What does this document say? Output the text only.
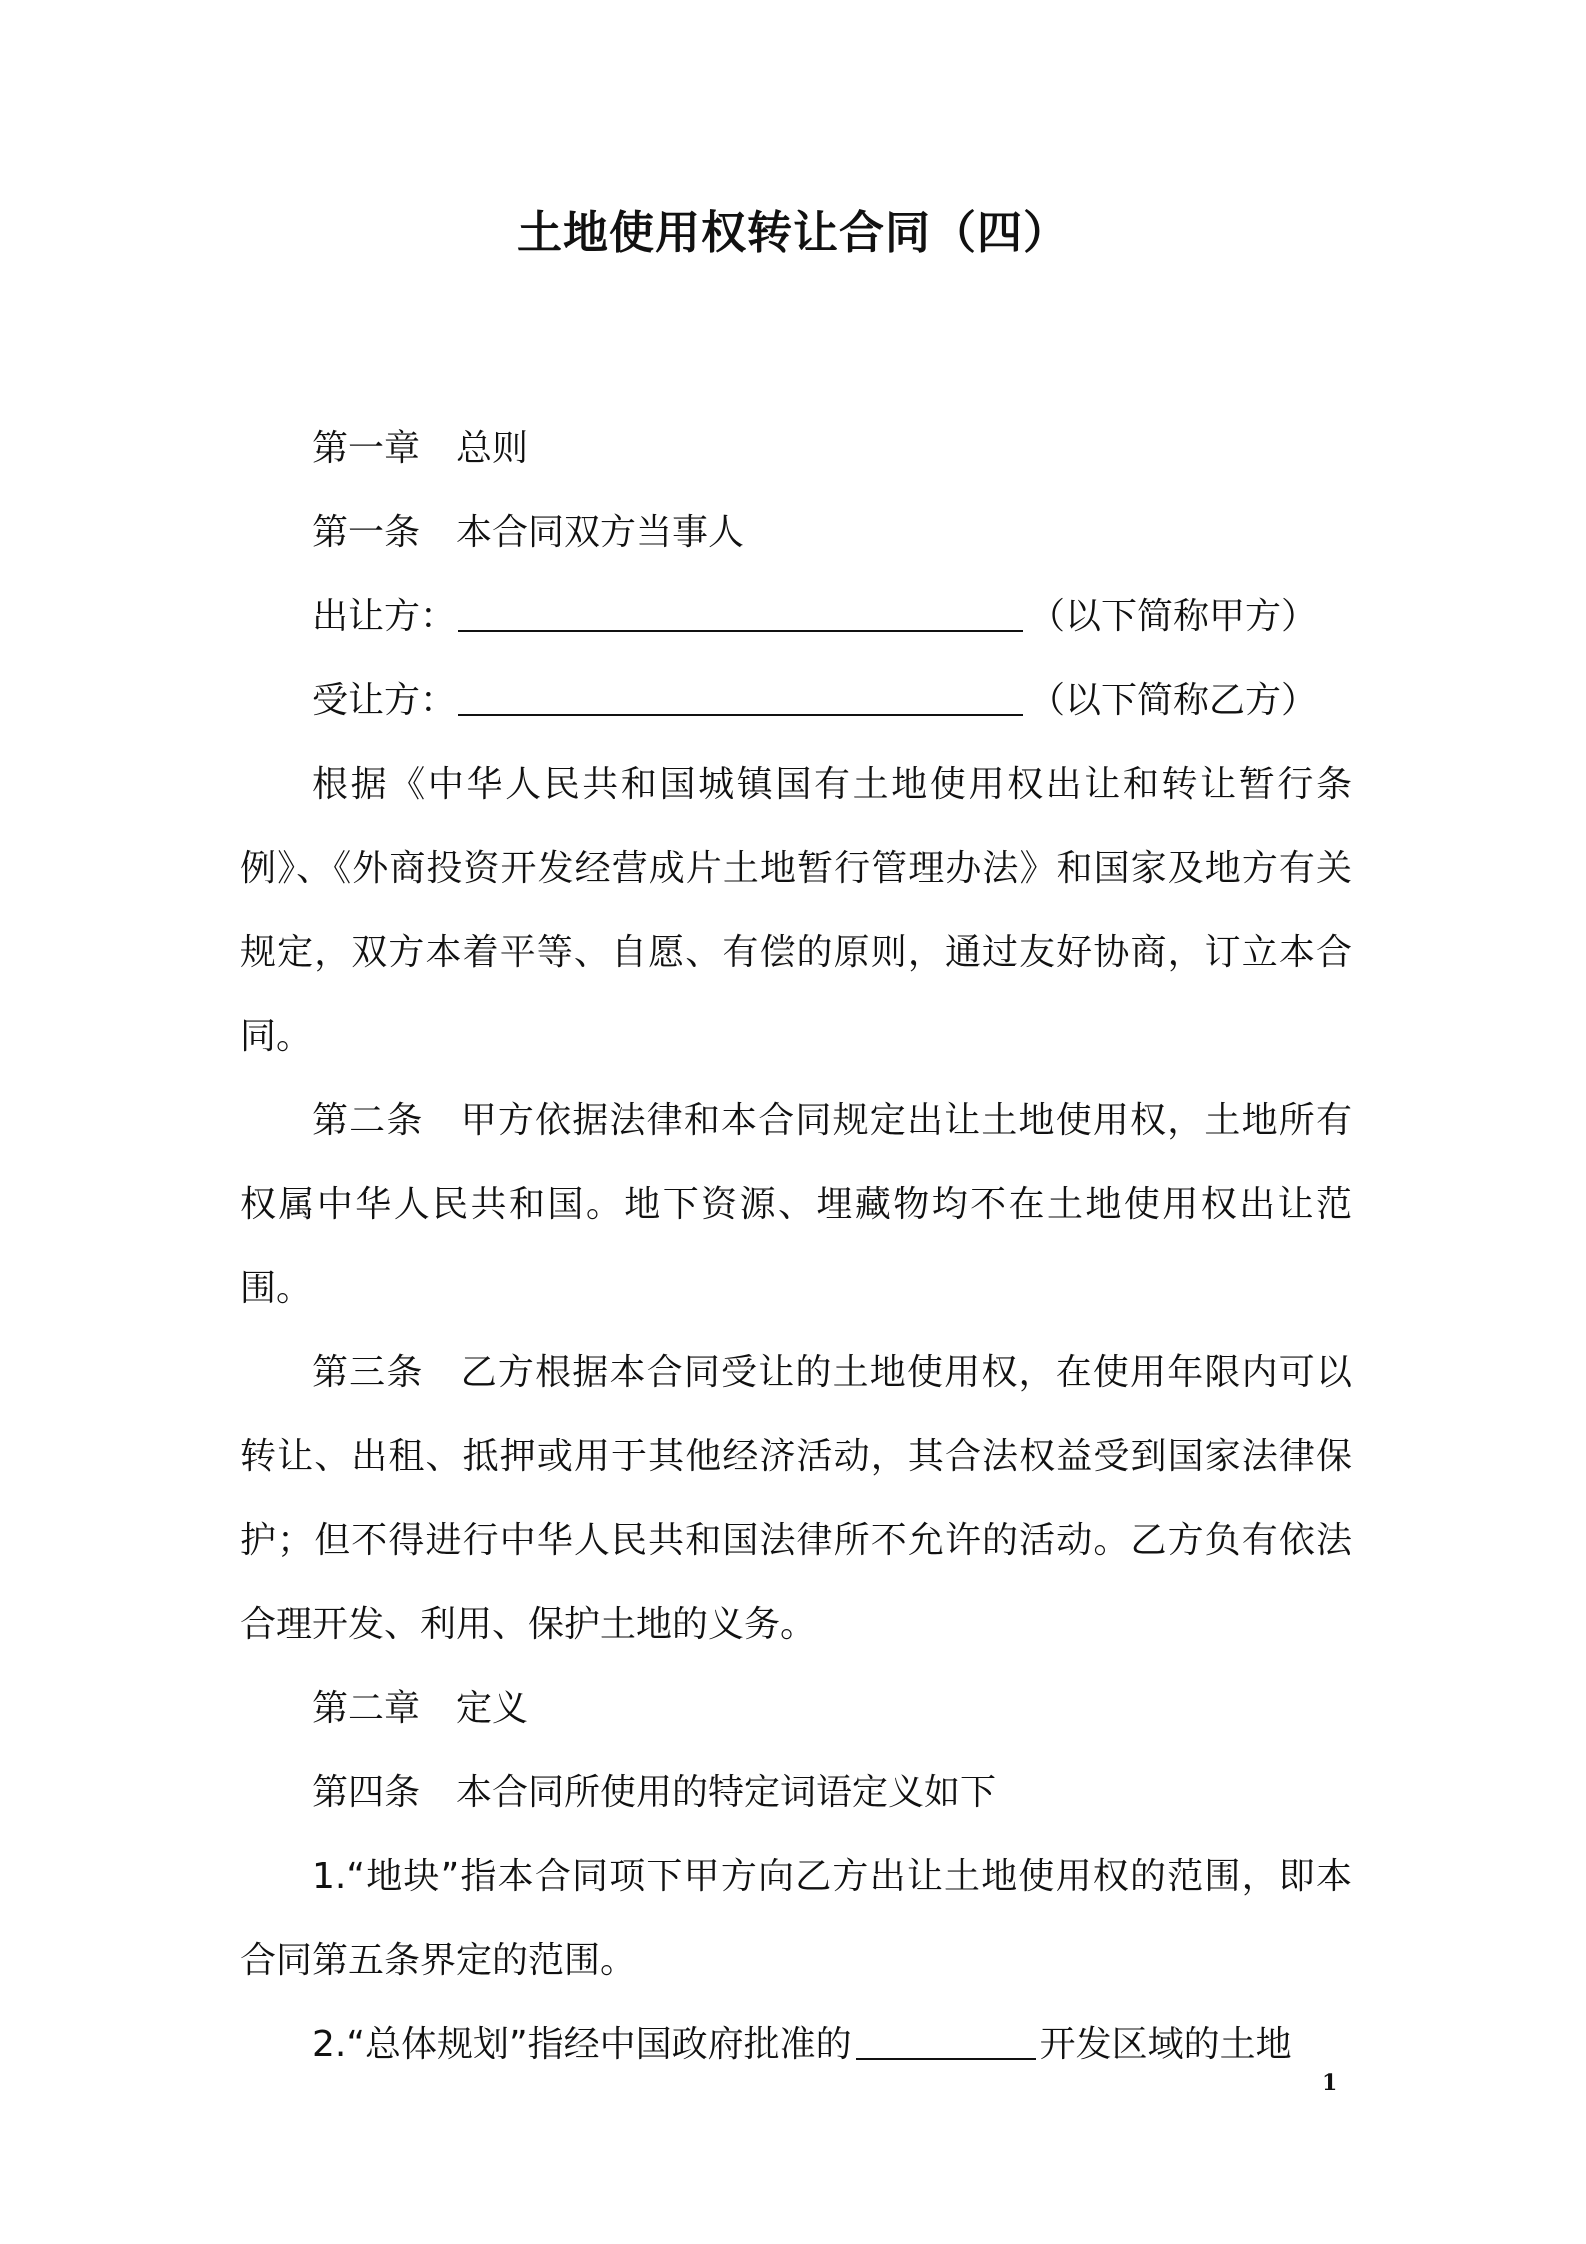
土地使用权转让合同（四）

第一章 总则

第一条 本合同双方当事人

出让方：	（以下简称甲方）

受让方：	（以下简称乙方）

根据《中华人民共和国城镇国有土地使用权出让和转让暂行条例》、《外商投资开发经营成片土地暂行管理办法》和国家及地方有关规定，双方本着平等、自愿、有偿的原则，通过友好协商，订立本合同。

第二条 甲方依据法律和本合同规定出让土地使用权，土地所有权属中华人民共和国。地下资源、埋藏物均不在土地使用权出让范围。

第三条 乙方根据本合同受让的土地使用权，在使用年限内可以转让、出租、抵押或用于其他经济活动，其合法权益受到国家法律保护；但不得进行中华人民共和国法律所不允许的活动。乙方负有依法合理开发、利用、保护土地的义务。

第二章 定义

第四条 本合同所使用的特定词语定义如下

1.“地块”指本合同项下甲方向乙方出让土地使用权的范围，即本合同第五条界定的范围。

2.“总体规划”指经中国政府批准的	开发区域的土地

1
